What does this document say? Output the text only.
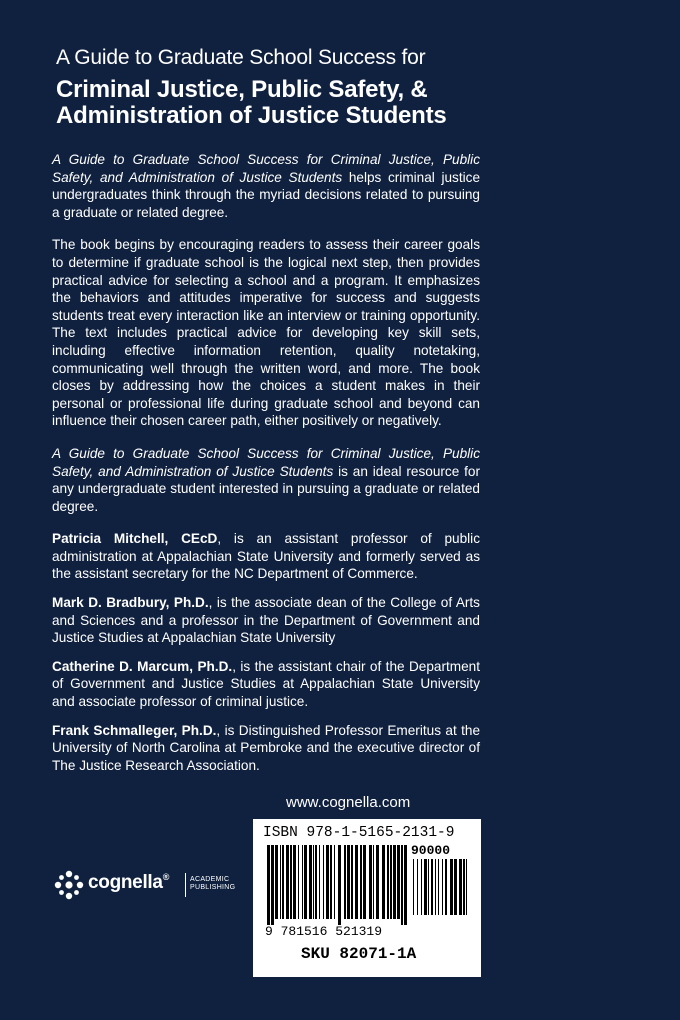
A Guide to Graduate School Success for
Criminal Justice, Public Safety, &
Administration of Justice Students

A Guide to Graduate School Success for Criminal Justice, Public Safety, and Administration of Justice Students helps criminal justice undergraduates think through the myriad decisions related to pursuing a graduate or related degree.

The book begins by encouraging readers to assess their career goals to determine if graduate school is the logical next step, then provides practical advice for selecting a school and a program. It emphasizes the behaviors and attitudes imperative for success and suggests students treat every interaction like an interview or training opportunity. The text includes practical advice for developing key skill sets, including effective information retention, quality notetaking, communicating well through the written word, and more. The book closes by addressing how the choices a student makes in their personal or professional life during graduate school and beyond can influence their chosen career path, either positively or negatively.

A Guide to Graduate School Success for Criminal Justice, Public Safety, and Administration of Justice Students is an ideal resource for any undergraduate student interested in pursuing a graduate or related degree.

Patricia Mitchell, CEcD, is an assistant professor of public administration at Appalachian State University and formerly served as the assistant secretary for the NC Department of Commerce.

Mark D. Bradbury, Ph.D., is the associate dean of the College of Arts and Sciences and a professor in the Department of Government and Justice Studies at Appalachian State University

Catherine D. Marcum, Ph.D., is the assistant chair of the Department of Government and Justice Studies at Appalachian State University and associate professor of criminal justice.

Frank Schmalleger, Ph.D., is Distinguished Professor Emeritus at the University of North Carolina at Pembroke and the executive director of The Justice Research Association.

www.cognella.com
cognella®	ACADEMIC
PUBLISHING
ISBN 978-1-5165-2131-9
90000
9 781516 521319
SKU 82071-1A
